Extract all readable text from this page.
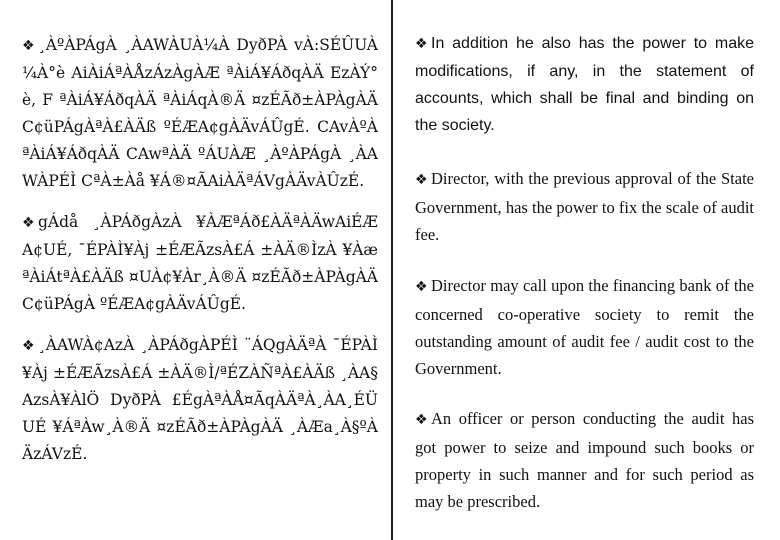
❖ ¸ÀºÀPÁgÀ ¸ÀAWÀUÀ¼À DyðPÀ vÀ:SÉÛUÀ¼À°è AiÀiÁªÀÅzÁzÀgÀÆ ªÀiÁ¥ÁðqÀÄ EzÀÝ°è, F ªÀiÁ¥ÁðqÀÄ ªÀiÁqÀ®Ä ¤zÉÃð±ÀPÀgÀÄ C¢üPÁgÀªÀ£ÀÄß ºÉÆA¢gÀÄvÁÛgÉ. CAvÀºÀ ªÀiÁ¥ÁðqÀÄ CAwªÀÄ ºÁUÀÆ ¸ÀºÀPÁgÀ ¸ÀAWÀPÉÌ CªÀ±Àå ¥Á®¤ÃAiÀÄªÁVgÀÄvÀÛzÉ.

❖ gÁdå ¸ÀPÁðgÀzÀ ¥ÀÆªÁð£ÀÄªÀÄwAiÉÆA¢UÉ, ¯ÉPÀÌ¥Àj ±ÉÆÃzsÀ£Á ±ÀÄ®ÌzÀ ¥ÀæªÀiÁtªÀ£ÀÄß ¤UÀ¢¥Àr¸À®Ä ¤zÉÃð±ÀPÀgÀÄ C¢üPÁgÀ ºÉÆA¢gÀÄvÁÛgÉ.

❖ ¸ÀAWÀ¢AzÀ ¸ÀPÁðgÀPÉÌ ¨ÁQgÀÄªÀ ¯ÉPÀÌ¥Àj ±ÉÆÃzsÀ£Á ±ÀÄ®Ì/ªÉZÀÑªÀ£ÀÄß ¸ÀA§AzsÀ¥ÀlÖ DyðPÀ £ÉgÀªÀÅ¤ÃqÀÄªÀ¸ÀA¸ÉÜUÉ ¥ÁªÀw¸À®Ä ¤zÉÃð±ÀPÀgÀÄ ¸ÀÆa¸À§ºÀÄzÁVzÉ.

❖ In addition he also has the power to make modifications, if any, in the statement of accounts, which shall be final and binding on the society.

❖ Director, with the previous approval of the State Government, has the power to fix the scale of audit fee.

❖ Director may call upon the financing bank of the concerned co-operative society to remit the outstanding amount of audit fee / audit cost to the Government.

❖ An officer or person conducting the audit has got power to seize and impound such books or property in such manner and for such period as may be prescribed.
